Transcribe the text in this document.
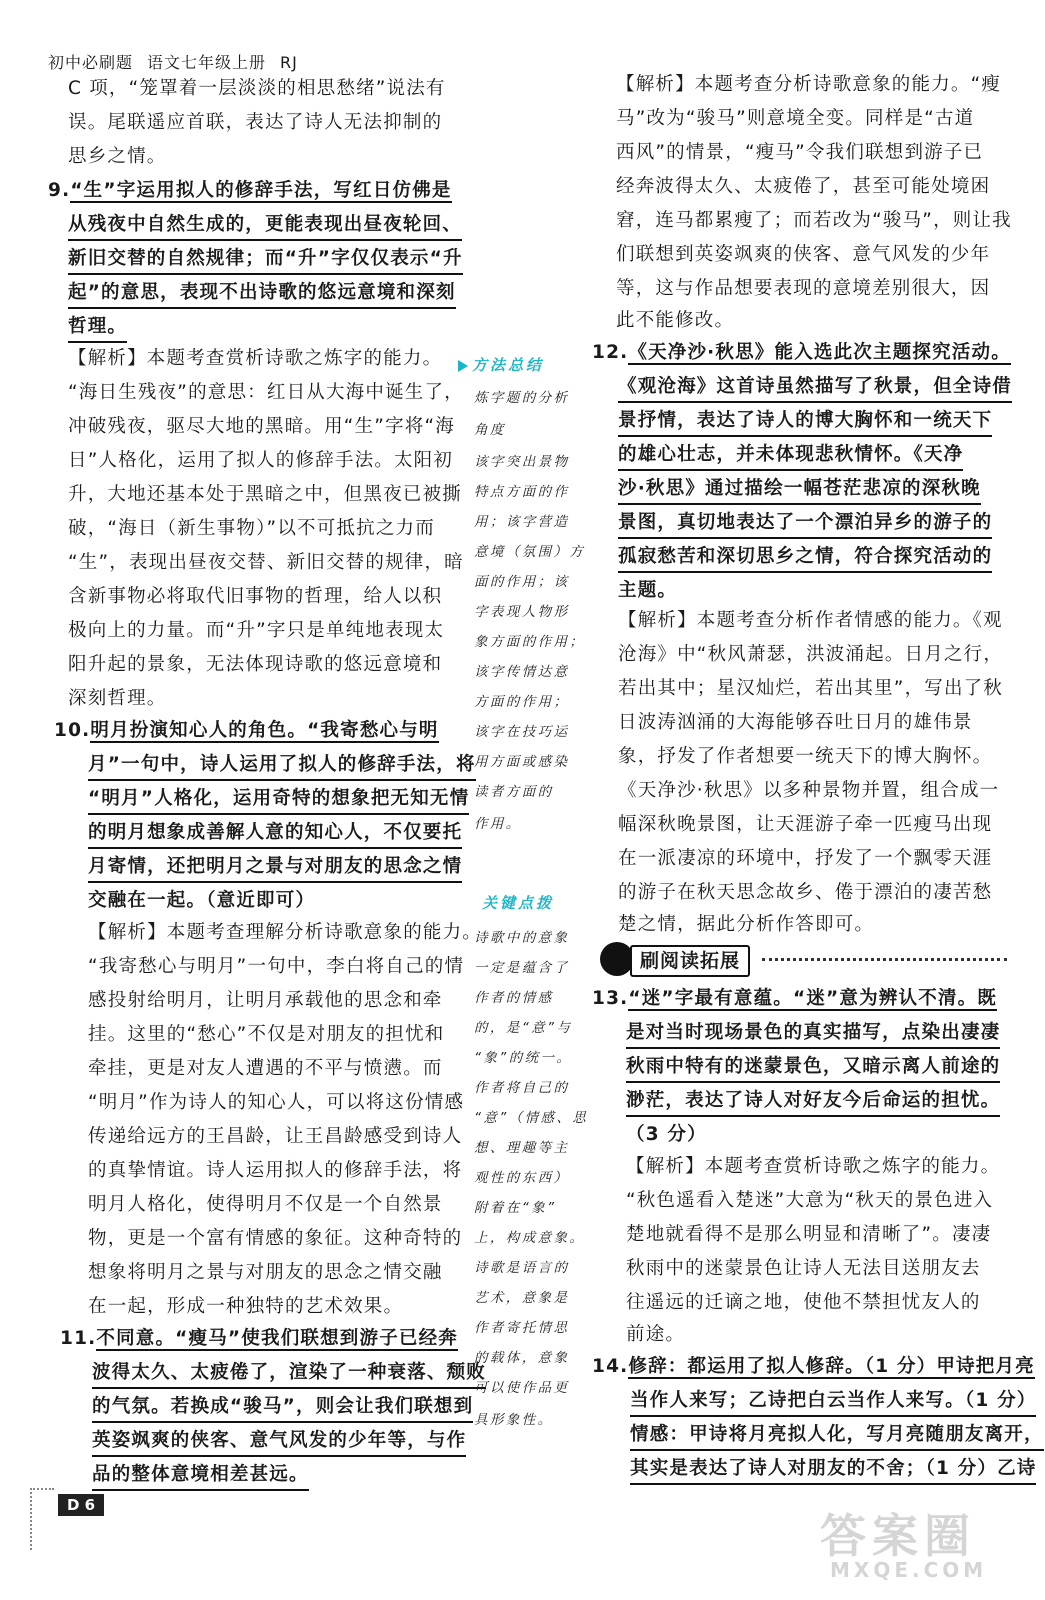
初中必刷题 语文七年级上册 RJ
C 项，“笼罩着一层淡淡的相思愁绪”说法有
误。尾联遥应首联，表达了诗人无法抑制的
思乡之情。
9.“生”字运用拟人的修辞手法，写红日仿佛是
从残夜中自然生成的，更能表现出昼夜轮回、
新旧交替的自然规律；而“升”字仅仅表示“升
起”的意思，表现不出诗歌的悠远意境和深刻
哲理。
【解析】本题考查赏析诗歌之炼字的能力。
“海日生残夜”的意思：红日从大海中诞生了，
冲破残夜，驱尽大地的黑暗。用“生”字将“海
日”人格化，运用了拟人的修辞手法。太阳初
升，大地还基本处于黑暗之中，但黑夜已被撕
破，“海日（新生事物）”以不可抵抗之力而
“生”，表现出昼夜交替、新旧交替的规律，暗
含新事物必将取代旧事物的哲理，给人以积
极向上的力量。而“升”字只是单纯地表现太
阳升起的景象，无法体现诗歌的悠远意境和
深刻哲理。
10.明月扮演知心人的角色。“我寄愁心与明
月”一句中，诗人运用了拟人的修辞手法，将
“明月”人格化，运用奇特的想象把无知无情
的明月想象成善解人意的知心人，不仅要托
月寄情，还把明月之景与对朋友的思念之情
交融在一起。（意近即可）
【解析】本题考查理解分析诗歌意象的能力。
“我寄愁心与明月”一句中，李白将自己的情
感投射给明月，让明月承载他的思念和牵
挂。这里的“愁心”不仅是对朋友的担忧和
牵挂，更是对友人遭遇的不平与愤懑。而
“明月”作为诗人的知心人，可以将这份情感
传递给远方的王昌龄，让王昌龄感受到诗人
的真挚情谊。诗人运用拟人的修辞手法，将
明月人格化，使得明月不仅是一个自然景
物，更是一个富有情感的象征。这种奇特的
想象将明月之景与对朋友的思念之情交融
在一起，形成一种独特的艺术效果。
11.不同意。“瘦马”使我们联想到游子已经奔
波得太久、太疲倦了，渲染了一种衰落、颓败
的气氛。若换成“骏马”，则会让我们联想到
英姿飒爽的侠客、意气风发的少年等，与作
品的整体意境相差甚远。
方法总结
炼字题的分析
角度
该字突出景物
特点方面的作
用；该字营造
意境（氛围）方
面的作用；该
字表现人物形
象方面的作用；
该字传情达意
方面的作用；
该字在技巧运
用方面或感染
读者方面的
作用。
关键点拨
诗歌中的意象
一定是蕴含了
作者的情感
的，是“意”与
“象”的统一。
作者将自己的
“意”（情感、思
想、理趣等主
观性的东西）
附着在“象”
上，构成意象。
诗歌是语言的
艺术，意象是
作者寄托情思
的载体，意象
可以使作品更
具形象性。
【解析】本题考查分析诗歌意象的能力。“瘦
马”改为“骏马”则意境全变。同样是“古道
西风”的情景，“瘦马”令我们联想到游子已
经奔波得太久、太疲倦了，甚至可能处境困
窘，连马都累瘦了；而若改为“骏马”，则让我
们联想到英姿飒爽的侠客、意气风发的少年
等，这与作品想要表现的意境差别很大，因
此不能修改。
12.《天净沙·秋思》能入选此次主题探究活动。
《观沧海》这首诗虽然描写了秋景，但全诗借
景抒情，表达了诗人的博大胸怀和一统天下
的雄心壮志，并未体现悲秋情怀。《天净
沙·秋思》通过描绘一幅苍茫悲凉的深秋晚
景图，真切地表达了一个漂泊异乡的游子的
孤寂愁苦和深切思乡之情，符合探究活动的
主题。
【解析】本题考查分析作者情感的能力。《观
沧海》中“秋风萧瑟，洪波涌起。日月之行，
若出其中；星汉灿烂，若出其里”，写出了秋
日波涛汹涌的大海能够吞吐日月的雄伟景
象，抒发了作者想要一统天下的博大胸怀。
《天净沙·秋思》以多种景物并置，组合成一
幅深秋晚景图，让天涯游子牵一匹瘦马出现
在一派凄凉的环境中，抒发了一个飘零天涯
的游子在秋天思念故乡、倦于漂泊的凄苦愁
楚之情，据此分析作答即可。
13.“迷”字最有意蕴。“迷”意为辨认不清。既
是对当时现场景色的真实描写，点染出凄凄
秋雨中特有的迷蒙景色，又暗示离人前途的
渺茫，表达了诗人对好友今后命运的担忧。
（3 分）
【解析】本题考查赏析诗歌之炼字的能力。
“秋色遥看入楚迷”大意为“秋天的景色进入
楚地就看得不是那么明显和清晰了”。凄凄
秋雨中的迷蒙景色让诗人无法目送朋友去
往遥远的迁谪之地，使他不禁担忧友人的
前途。
14.修辞：都运用了拟人修辞。（1 分）甲诗把月亮
当作人来写；乙诗把白云当作人来写。（1 分）
情感：甲诗将月亮拟人化，写月亮随朋友离开，
其实是表达了诗人对朋友的不舍；（1 分）乙诗
刷阅读拓展
D 6
答案圈
MXQE.COM
